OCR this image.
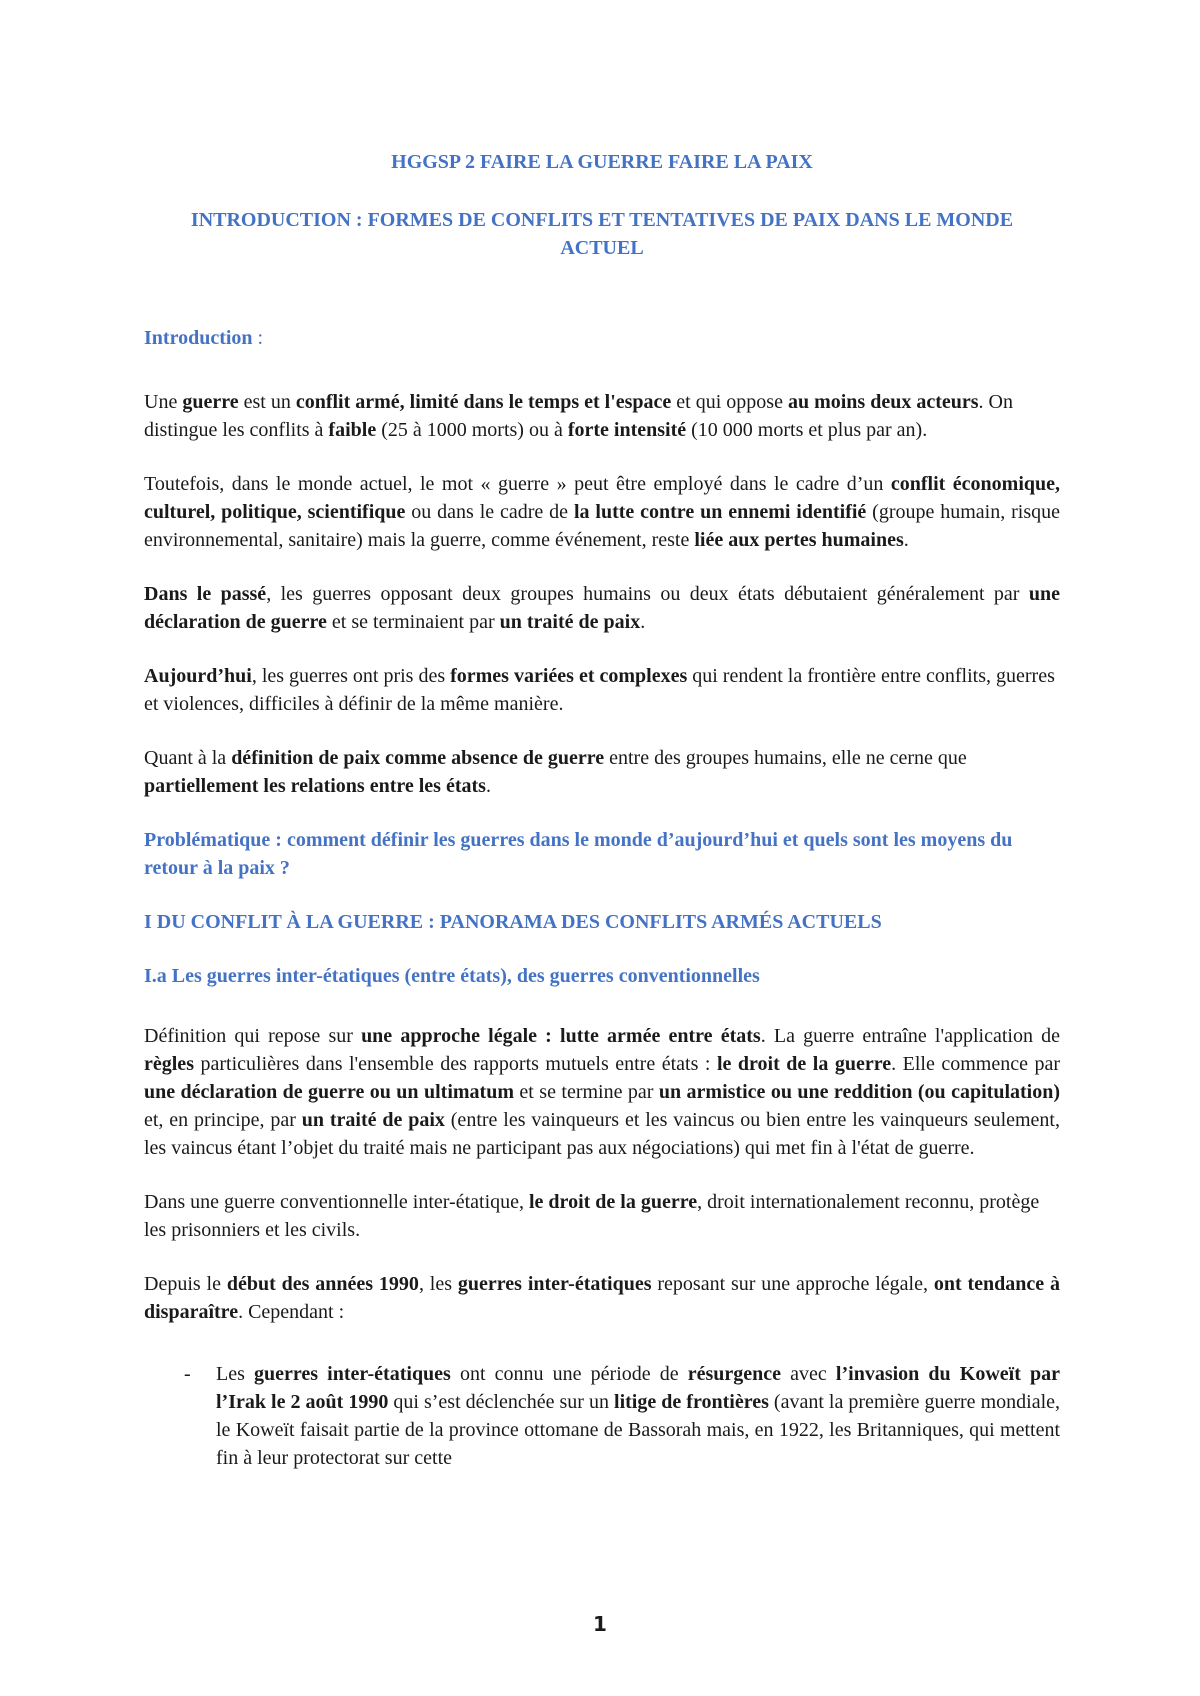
HGGSP 2 FAIRE LA GUERRE FAIRE LA PAIX
INTRODUCTION : FORMES DE CONFLITS ET TENTATIVES DE PAIX DANS LE MONDE ACTUEL

Introduction :

Une guerre est un conflit armé, limité dans le temps et l'espace et qui oppose au moins deux acteurs. On distingue les conflits à faible (25 à 1000 morts) ou à forte intensité (10 000 morts et plus par an).

Toutefois, dans le monde actuel, le mot « guerre » peut être employé dans le cadre d’un conflit économique, culturel, politique, scientifique ou dans le cadre de la lutte contre un ennemi identifié (groupe humain, risque environnemental, sanitaire) mais la guerre, comme événement, reste liée aux pertes humaines.

Dans le passé, les guerres opposant deux groupes humains ou deux états débutaient généralement par une déclaration de guerre et se terminaient par un traité de paix.

Aujourd’hui, les guerres ont pris des formes variées et complexes qui rendent la frontière entre conflits, guerres et violences, difficiles à définir de la même manière.

Quant à la définition de paix comme absence de guerre entre des groupes humains, elle ne cerne que partiellement les relations entre les états.

Problématique : comment définir les guerres dans le monde d’aujourd’hui et quels sont les moyens du retour à la paix ?

I DU CONFLIT À LA GUERRE : PANORAMA DES CONFLITS ARMÉS ACTUELS

I.a Les guerres inter-étatiques (entre états), des guerres conventionnelles

Définition qui repose sur une approche légale : lutte armée entre états. La guerre entraîne l'application de règles particulières dans l'ensemble des rapports mutuels entre états : le droit de la guerre. Elle commence par une déclaration de guerre ou un ultimatum et se termine par un armistice ou une reddition (ou capitulation) et, en principe, par un traité de paix (entre les vainqueurs et les vaincus ou bien entre les vainqueurs seulement, les vaincus étant l’objet du traité mais ne participant pas aux négociations) qui met fin à l'état de guerre.

Dans une guerre conventionnelle inter-étatique, le droit de la guerre, droit internationalement reconnu, protège les prisonniers et les civils.

Depuis le début des années 1990, les guerres inter-étatiques reposant sur une approche légale, ont tendance à disparaître. Cependant :

- Les guerres inter-étatiques ont connu une période de résurgence avec l’invasion du Koweït par l’Irak le 2 août 1990 qui s’est déclenchée sur un litige de frontières (avant la première guerre mondiale, le Koweït faisait partie de la province ottomane de Bassorah mais, en 1922, les Britanniques, qui mettent fin à leur protectorat sur cette
1
